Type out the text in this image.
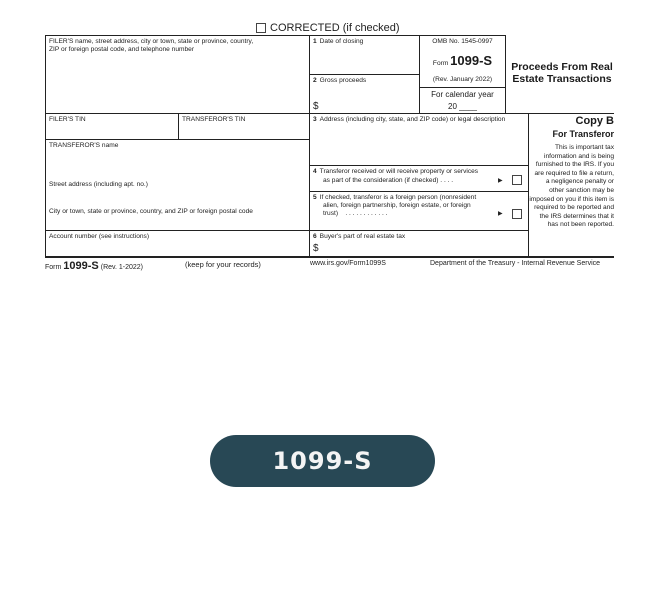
CORRECTED (if checked)
FILER'S name, street address, city or town, state or province, country,
ZIP or foreign postal code, and telephone number
1 Date of closing
2 Gross proceeds
$
OMB No. 1545-0997
Form 1099-S
(Rev. January 2022)
For calendar year
20 ____
Proceeds From Real
Estate Transactions
FILER'S TIN	TRANSFEROR'S TIN
TRANSFEROR'S name
Street address (including apt. no.)
City or town, state or province, country, and ZIP or foreign postal code
Account number (see instructions)
3 Address (including city, state, and ZIP code) or legal description
4 Transferor received or will receive property or services
as part of the consideration (if checked) . . . .	▶
5 If checked, transferor is a foreign person (nonresident
alien, foreign partnership, foreign estate, or foreign
trust) . . . . . . . . . . . .	▶
6 Buyer's part of real estate tax
$
Copy B
For Transferor
This is important tax information and is being furnished to the IRS. If you are required to file a return, a negligence penalty or other sanction may be imposed on you if this item is required to be reported and the IRS determines that it has not been reported.
Form 1099-S (Rev. 1-2022)	(keep for your records)	www.irs.gov/Form1099S	Department of the Treasury - Internal Revenue Service
1099-S
